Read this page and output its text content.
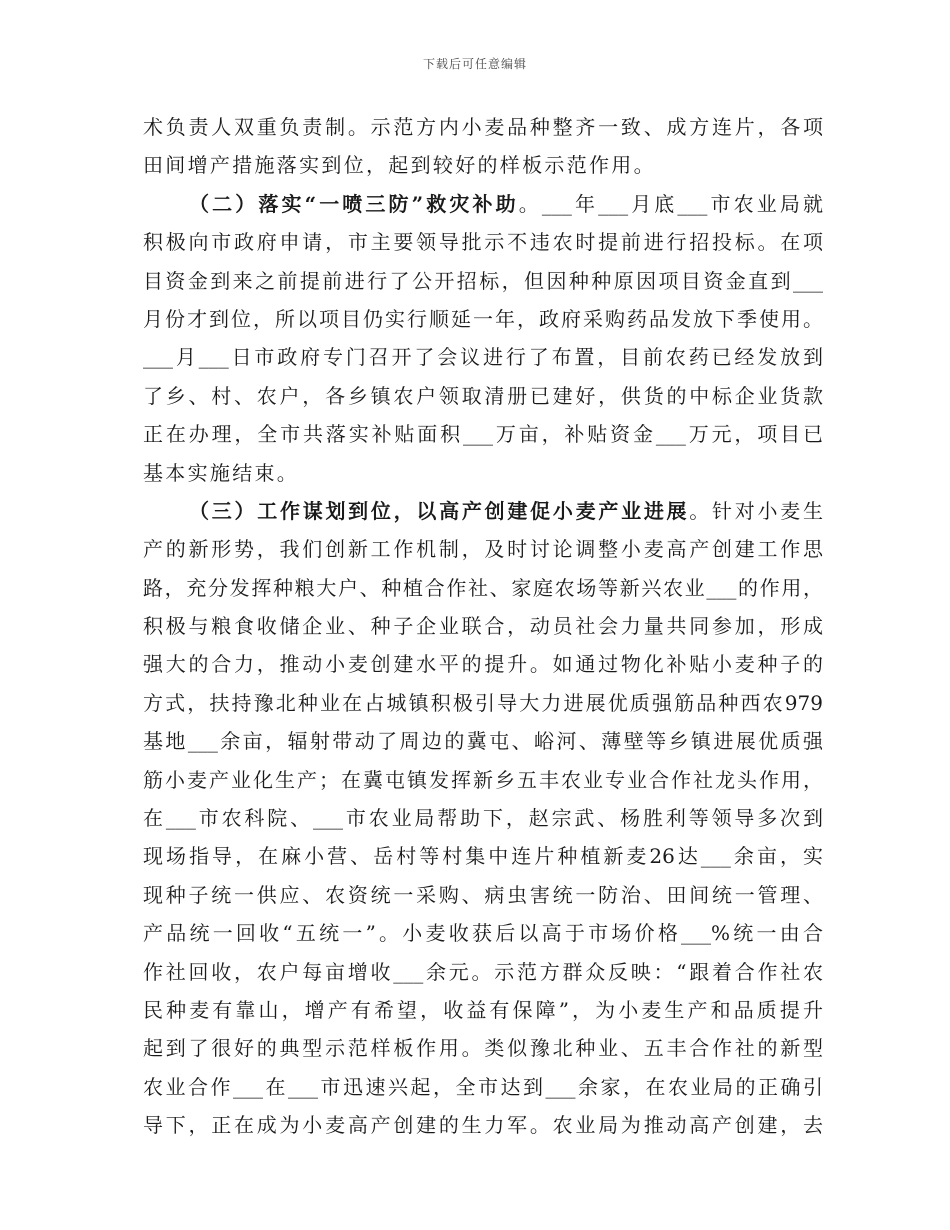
下载后可任意编辑
术负责人双重负责制。示范方内小麦品种整齐一致、成方连片，各项
田间增产措施落实到位，起到较好的样板示范作用。
（二）落实“一喷三防”救灾补助。___年___月底___市农业局就
积极向市政府申请，市主要领导批示不违农时提前进行招投标。在项
目资金到来之前提前进行了公开招标，但因种种原因项目资金直到___
月份才到位，所以项目仍实行顺延一年，政府采购药品发放下季使用。
___月___日市政府专门召开了会议进行了布置，目前农药已经发放到
了乡、村、农户，各乡镇农户领取清册已建好，供货的中标企业货款
正在办理，全市共落实补贴面积___万亩，补贴资金___万元，项目已
基本实施结束。
（三）工作谋划到位，以高产创建促小麦产业进展。针对小麦生
产的新形势，我们创新工作机制，及时讨论调整小麦高产创建工作思
路，充分发挥种粮大户、种植合作社、家庭农场等新兴农业___的作用，
积极与粮食收储企业、种子企业联合，动员社会力量共同参加，形成
强大的合力，推动小麦创建水平的提升。如通过物化补贴小麦种子的
方式，扶持豫北种业在占城镇积极引导大力进展优质强筋品种西农979
基地___余亩，辐射带动了周边的冀屯、峪河、薄壁等乡镇进展优质强
筋小麦产业化生产；在冀屯镇发挥新乡五丰农业专业合作社龙头作用，
在___市农科院、___市农业局帮助下，赵宗武、杨胜利等领导多次到
现场指导，在麻小营、岳村等村集中连片种植新麦26达___余亩，实
现种子统一供应、农资统一采购、病虫害统一防治、田间统一管理、
产品统一回收“五统一”。小麦收获后以高于市场价格___%统一由合
作社回收，农户每亩增收___余元。示范方群众反映：“跟着合作社农
民种麦有靠山，增产有希望，收益有保障”，为小麦生产和品质提升
起到了很好的典型示范样板作用。类似豫北种业、五丰合作社的新型
农业合作___在___市迅速兴起，全市达到___余家，在农业局的正确引
导下，正在成为小麦高产创建的生力军。农业局为推动高产创建，去
